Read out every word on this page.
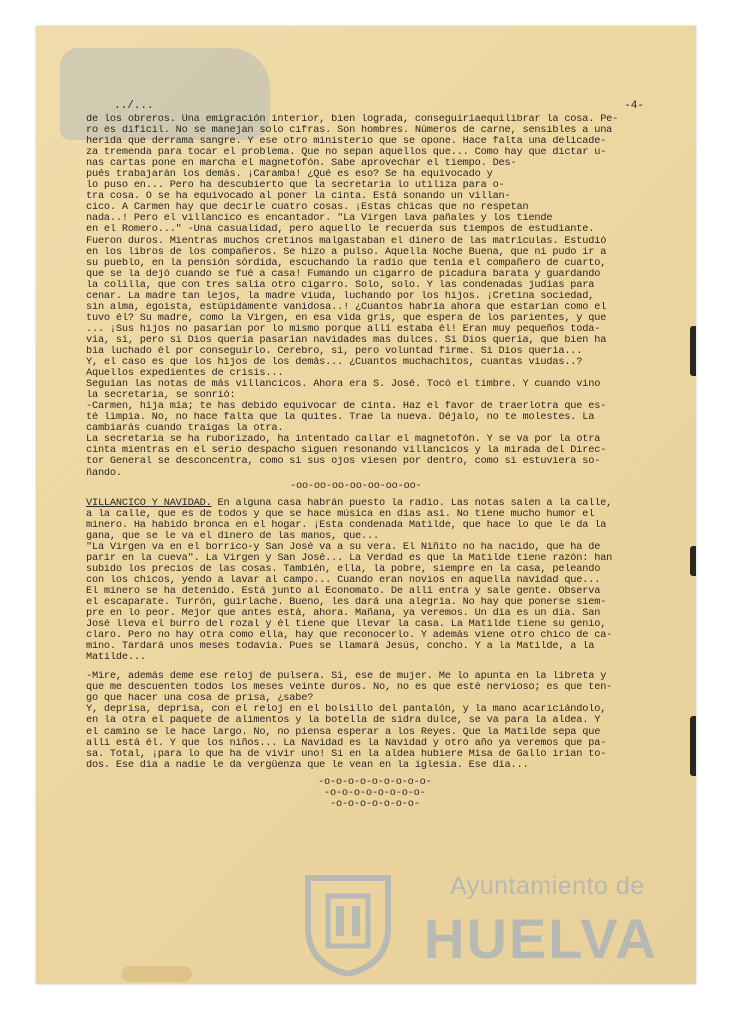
../...	-4-
de los obreros. Una emigración interior, bien lograda, conseguiríaequilibrar la cosa. Pe-
ro es difícil. No se manejan solo cifras. Son hombres. Números de carne, sensibles a una
herida que derrama sangre. Y ese otro ministerio que se opone. Hace falta una delicade-
za tremenda para tocar el problema. Que no sepan aquellos que... Como hay que dictar u-
nas cartas pone en marcha el magnetofón. Sabe aprovechar el tiempo. Des-
pués trabajarán los demás. ¡Caramba! ¿Qué es eso? Se ha equivocado y
lo puso en... Pero ha descubierto que la secretaria lo utiliza para o-
tra cosa. O se ha equivocado al poner la cinta. Está sonando un villan-
cico. A Carmen hay que decirle cuatro cosas. ¡Estas chicas que no respetan
nada..! Pero el villancico es encantador. "La Virgen lava pañales y los tiende
en el Romero..." -Una casualidad, pero aquello le recuerda sus tiempos de estudiante.
Fueron duros. Mientras muchos cretinos malgastaban el dinero de las matrículas. Estudió
en los libros de los compañeros. Se hizo a pulso. Aquella Noche Buena, que ni pudo ir a
su pueblo, en la pensión sórdida, escuchando la radio que tenía el compañero de cuarto,
que se la dejó cuando se fué a casa! Fumando un cigarro de picadura barata y guardando
la colilla, que con tres salía otro cigarro. Solo, solo. Y las condenadas judías para
cenar. La madre tan lejos, la madre viuda, luchando por los hijos. ¡Cretina sociedad,
sin alma, egoista, estúpidamente vanidosa..! ¿Cuantos habría ahora que estarían como el
tuvo él? Su madre, como la Virgen, en esa vida gris, que espera de los parientes, y que
... ¡Sus hijos no pasarían por lo mismo porque allí estaba él! Eran muy pequeños toda-
vía, sí, pero si Dios quería pasarían navidades mas dulces. Si Dios quería, que bien ha
bía luchado él por conseguirlo. Cerebro, sí, pero voluntad firme. Si Dios quería...
Y, el caso es que los hijos de los demás... ¿Cuantos muchachitos, cuantas viudas..?
Aquellos expedientes de crisis...
Seguían las notas de más villancicos. Ahora era S. José. Tocó el timbre. Y cuando vino
la secretaria, se sonrió:
-Carmen, hija mía; te has debido equivocar de cinta. Haz el favor de traerlotra que es-
té limpia. No, no hace falta que la quites. Trae la nueva. Déjalo, no te molestes. La
cambiarás cuando traigas la otra.
La secretaria se ha ruborizado, ha intentado callar el magnetofón. Y se va por la otra
cinta mientras en el serio despacho siguen resonando villancicos y la mirada del Direc-
tor General se desconcentra, como si sus ojos viesen por dentro, como si estuviera so-
ñando.
-oo-oo-oo-oo-oo-oo-oo-
VILLANCICO Y NAVIDAD. En alguna casa habrán puesto la radio. Las notas salen a la calle,
a la calle, que es de todos y que se hace música en días así. No tiene mucho humor el
minero. Ha habido bronca en el hogar. ¡Esta condenada Matilde, que hace lo que le da la
gana, que se le va el dinero de las manos, que...
"La Virgen va en el borrico-y San José va a su vera. El Niñito no ha nacido, que ha de
parir en la cueva". La Virgen y San José... La Verdad es que la Matilde tiene razón: han
subido los precios de las cosas. También, ella, la pobre, siempre en la casa, peleando
con los chicos, yendo a lavar al campo... Cuando eran novios en aquella navidad que...
El minero se ha detenido. Está junto al Economato. De allí entra y sale gente. Observa
el escaparate. Turrón, guirlache. Bueno, les dará una alegría. No hay que ponerse siem-
pre en lo peor. Mejor que antes está, ahora. Mañana, ya veremos. Un día es un día. San
José lleva el burro del rozal y él tiene que llevar la casa. La Matilde tiene su genio,
claro. Pero no hay otra como ella, hay que reconocerlo. Y además viene otro chico de ca-
mino. Tardará unos meses todavía. Pues se llamará Jesús, concho. Y a la Matilde, a la
Matilde...
-Mire, además deme ese reloj de pulsera. Sí, ese de mujer. Me lo apunta en la libreta y
que me descuenten todos los meses veinte duros. No, no es que esté nervioso; es que ten-
go que hacer una cosa de prisa, ¿sabe?
Y, deprisa, deprisa, con el reloj en el bolsillo del pantalón, y la mano acariciándolo,
en la otra el paquete de alimentos y la botella de sidra dulce, se va para la aldea. Y
el camino se le hace largo. No, no piensa esperar a los Reyes. Que la Matilde sepa que
allí está él. Y que los niños... La Navidad es la Navidad y otro año ya veremos que pa-
sa. Total, ¡para lo que ha de vivir uno! Si en la aldea hubiere Misa de Gallo irían to-
dos. Ese día a nadie le da vergüenza que le vean en la iglesia. Ese día...
-o-o-o-o-o-o-o-o-o-
-o-o-o-o-o-o-o-o-
-o-o-o-o-o-o-o-
Ayuntamiento de
HUELVA
